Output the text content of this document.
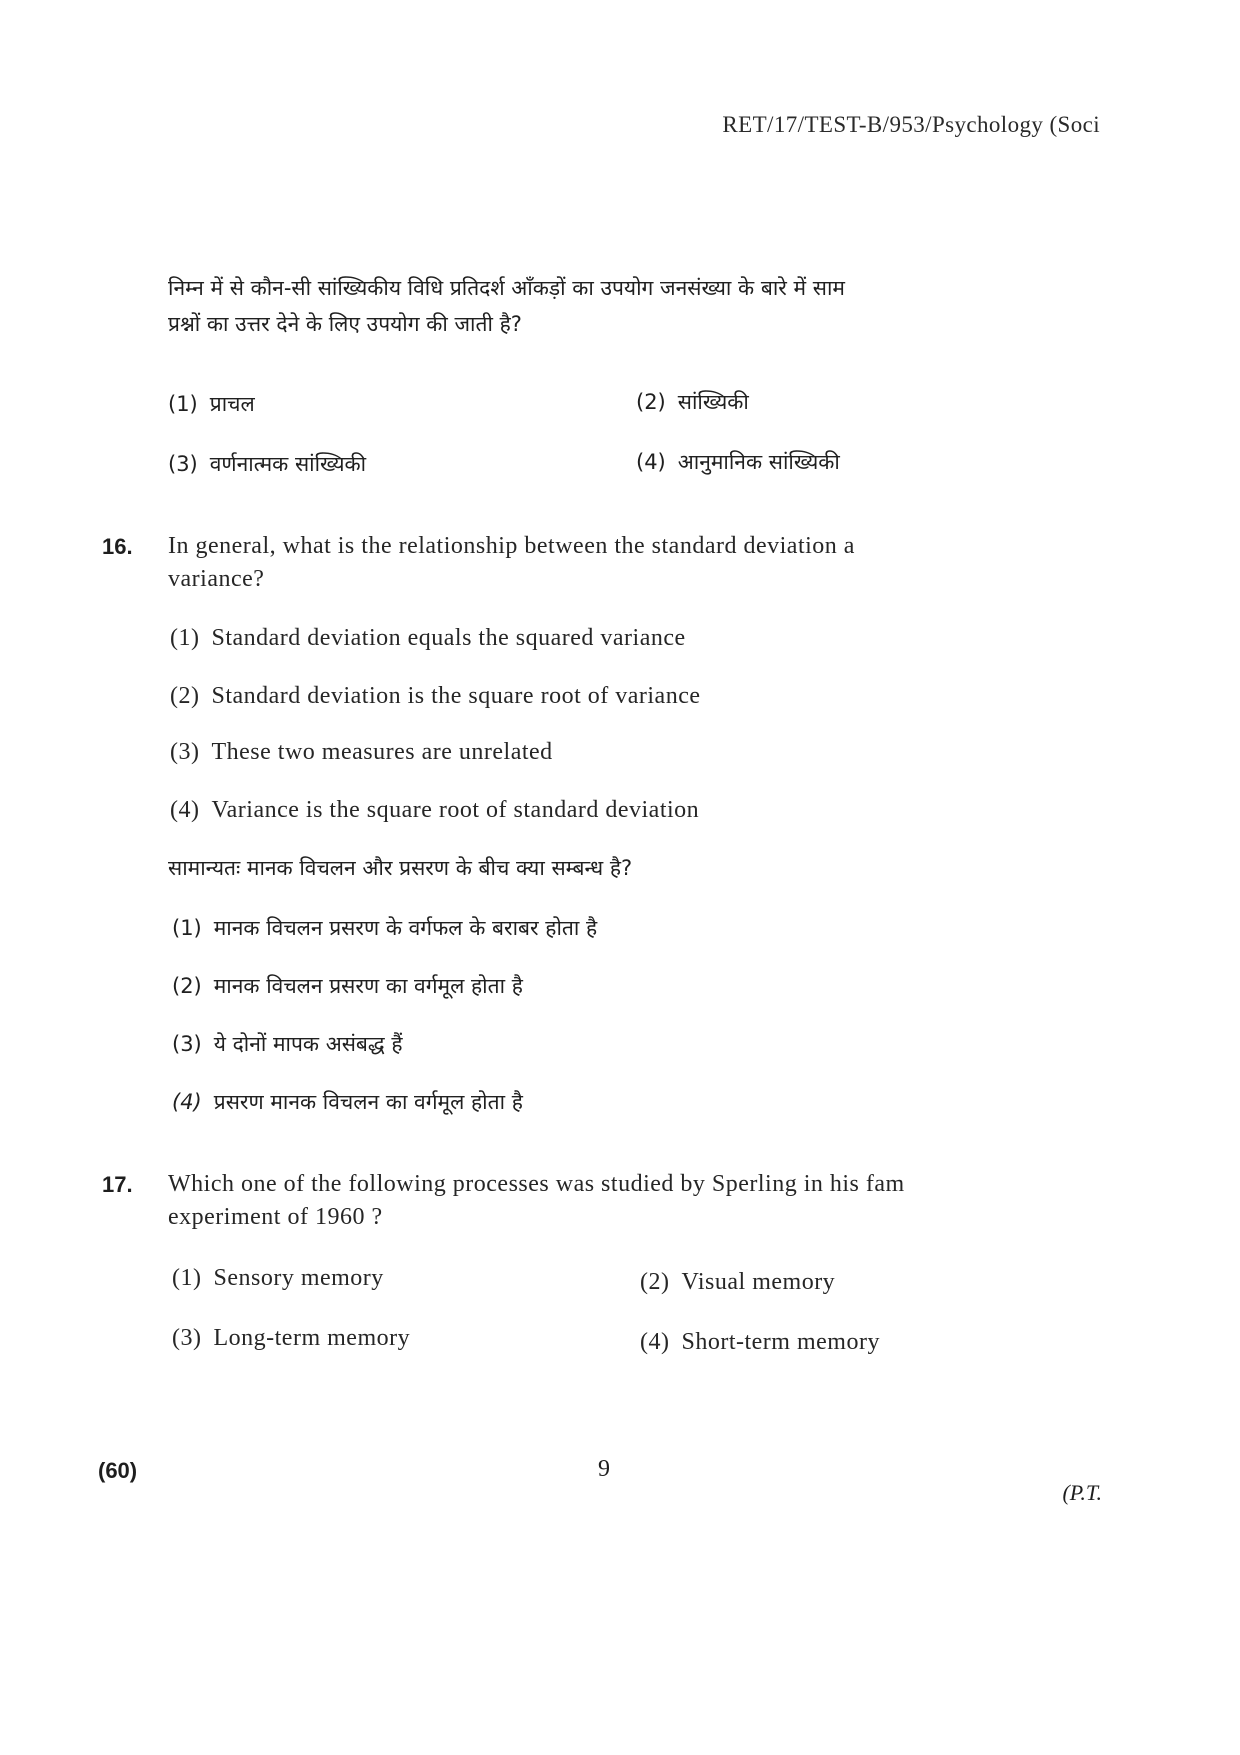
RET/17/TEST-B/953/Psychology (Soci
निम्न में से कौन-सी सांख्यिकीय विधि प्रतिदर्श आँकड़ों का उपयोग जनसंख्या के बारे में साम
प्रश्नों का उत्तर देने के लिए उपयोग की जाती है?
(1) प्राचल	(2) सांख्यिकी
(3) वर्णनात्मक सांख्यिकी	(4) आनुमानिक सांख्यिकी
16. In general, what is the relationship between the standard deviation a
variance?
(1) Standard deviation equals the squared variance
(2) Standard deviation is the square root of variance
(3) These two measures are unrelated
(4) Variance is the square root of standard deviation
सामान्यतः मानक विचलन और प्रसरण के बीच क्या सम्बन्ध है?
(1) मानक विचलन प्रसरण के वर्गफल के बराबर होता है
(2) मानक विचलन प्रसरण का वर्गमूल होता है
(3) ये दोनों मापक असंबद्ध हैं
(4) प्रसरण मानक विचलन का वर्गमूल होता है
17. Which one of the following processes was studied by Sperling in his fam
experiment of 1960 ?
(1) Sensory memory	(2) Visual memory
(3) Long-term memory	(4) Short-term memory
(60)	9
(P.T.
